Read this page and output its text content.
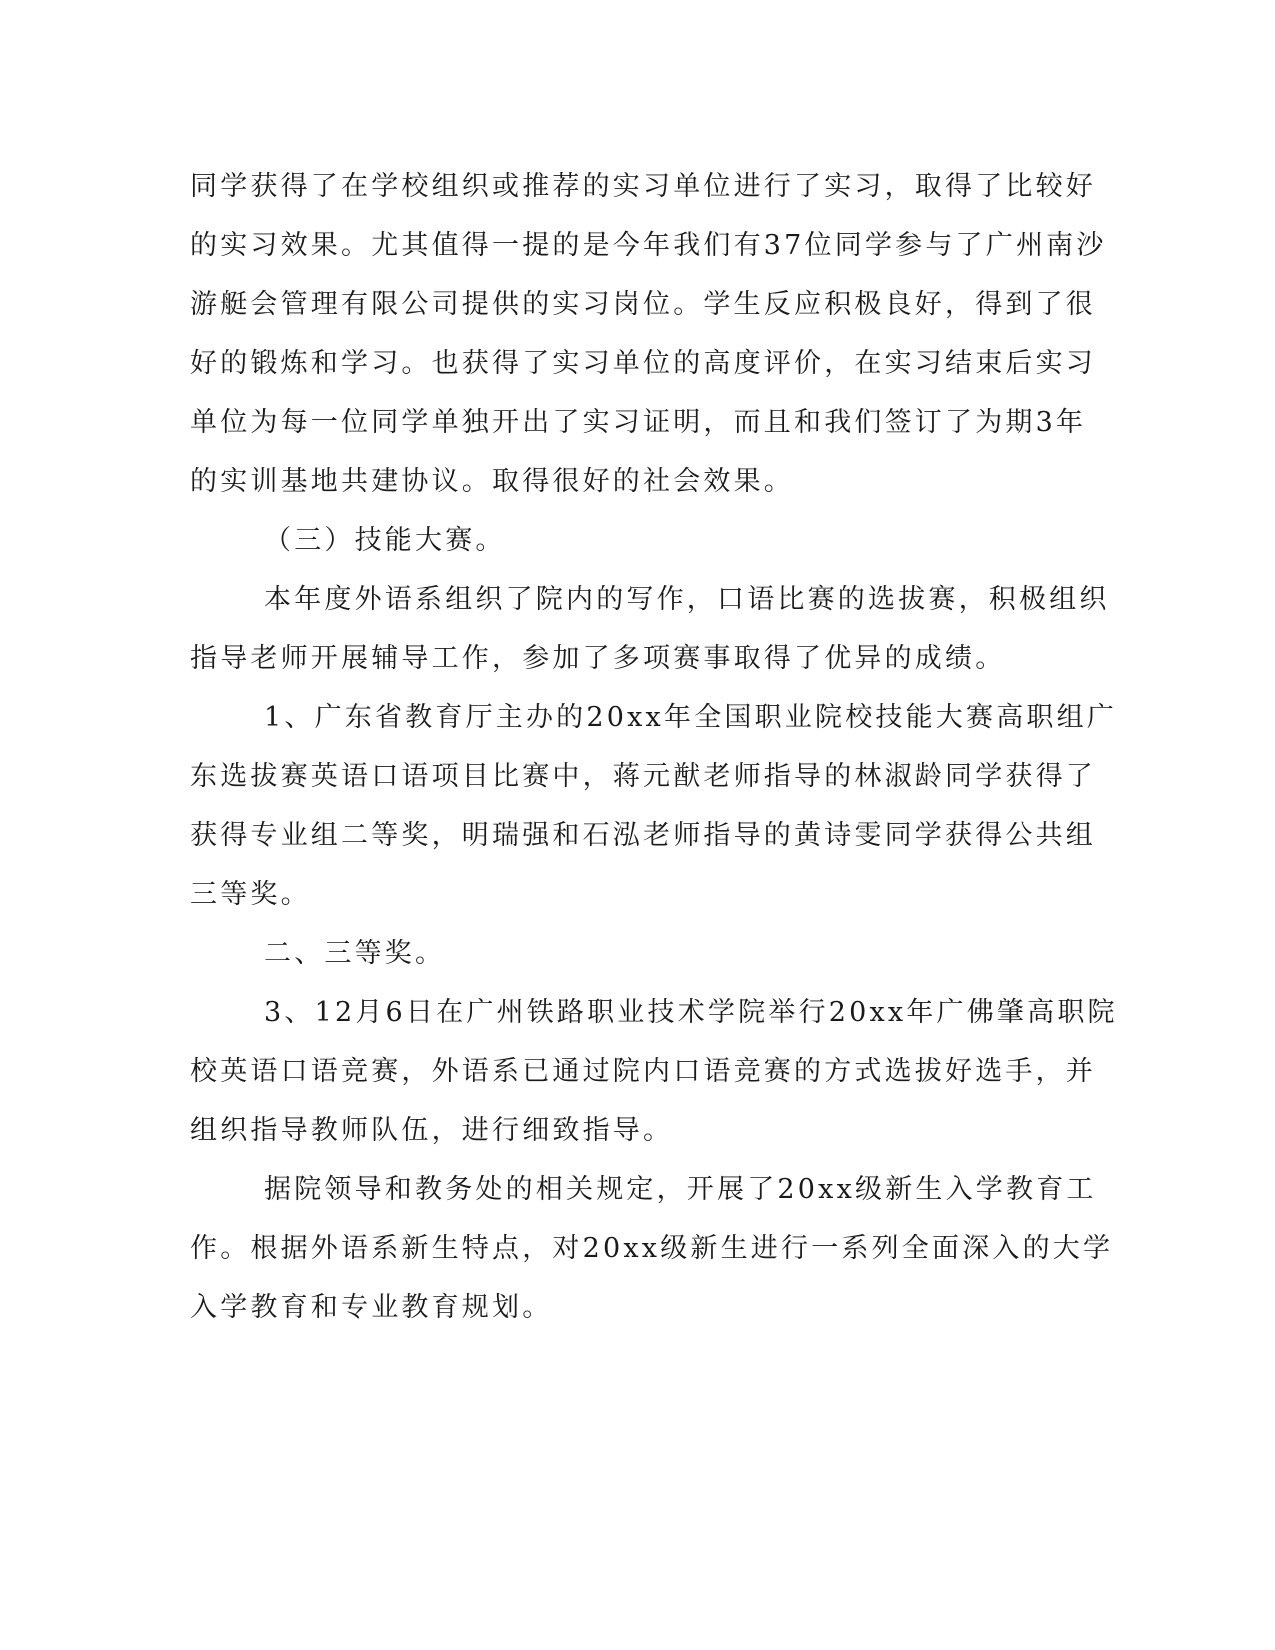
同学获得了在学校组织或推荐的实习单位进行了实习，取得了比较好

的实习效果。尤其值得一提的是今年我们有37位同学参与了广州南沙

游艇会管理有限公司提供的实习岗位。学生反应积极良好，得到了很

好的锻炼和学习。也获得了实习单位的高度评价，在实习结束后实习

单位为每一位同学单独开出了实习证明，而且和我们签订了为期3年

的实训基地共建协议。取得很好的社会效果。

（三）技能大赛。

本年度外语系组织了院内的写作，口语比赛的选拔赛，积极组织

指导老师开展辅导工作，参加了多项赛事取得了优异的成绩。

1、广东省教育厅主办的20xx年全国职业院校技能大赛高职组广

东选拔赛英语口语项目比赛中，蒋元猷老师指导的林淑龄同学获得了

获得专业组二等奖，明瑞强和石泓老师指导的黄诗雯同学获得公共组

三等奖。

二、三等奖。

3、12月6日在广州铁路职业技术学院举行20xx年广佛肇高职院

校英语口语竞赛，外语系已通过院内口语竞赛的方式选拔好选手，并

组织指导教师队伍，进行细致指导。

据院领导和教务处的相关规定，开展了20xx级新生入学教育工

作。根据外语系新生特点，对20xx级新生进行一系列全面深入的大学

入学教育和专业教育规划。
